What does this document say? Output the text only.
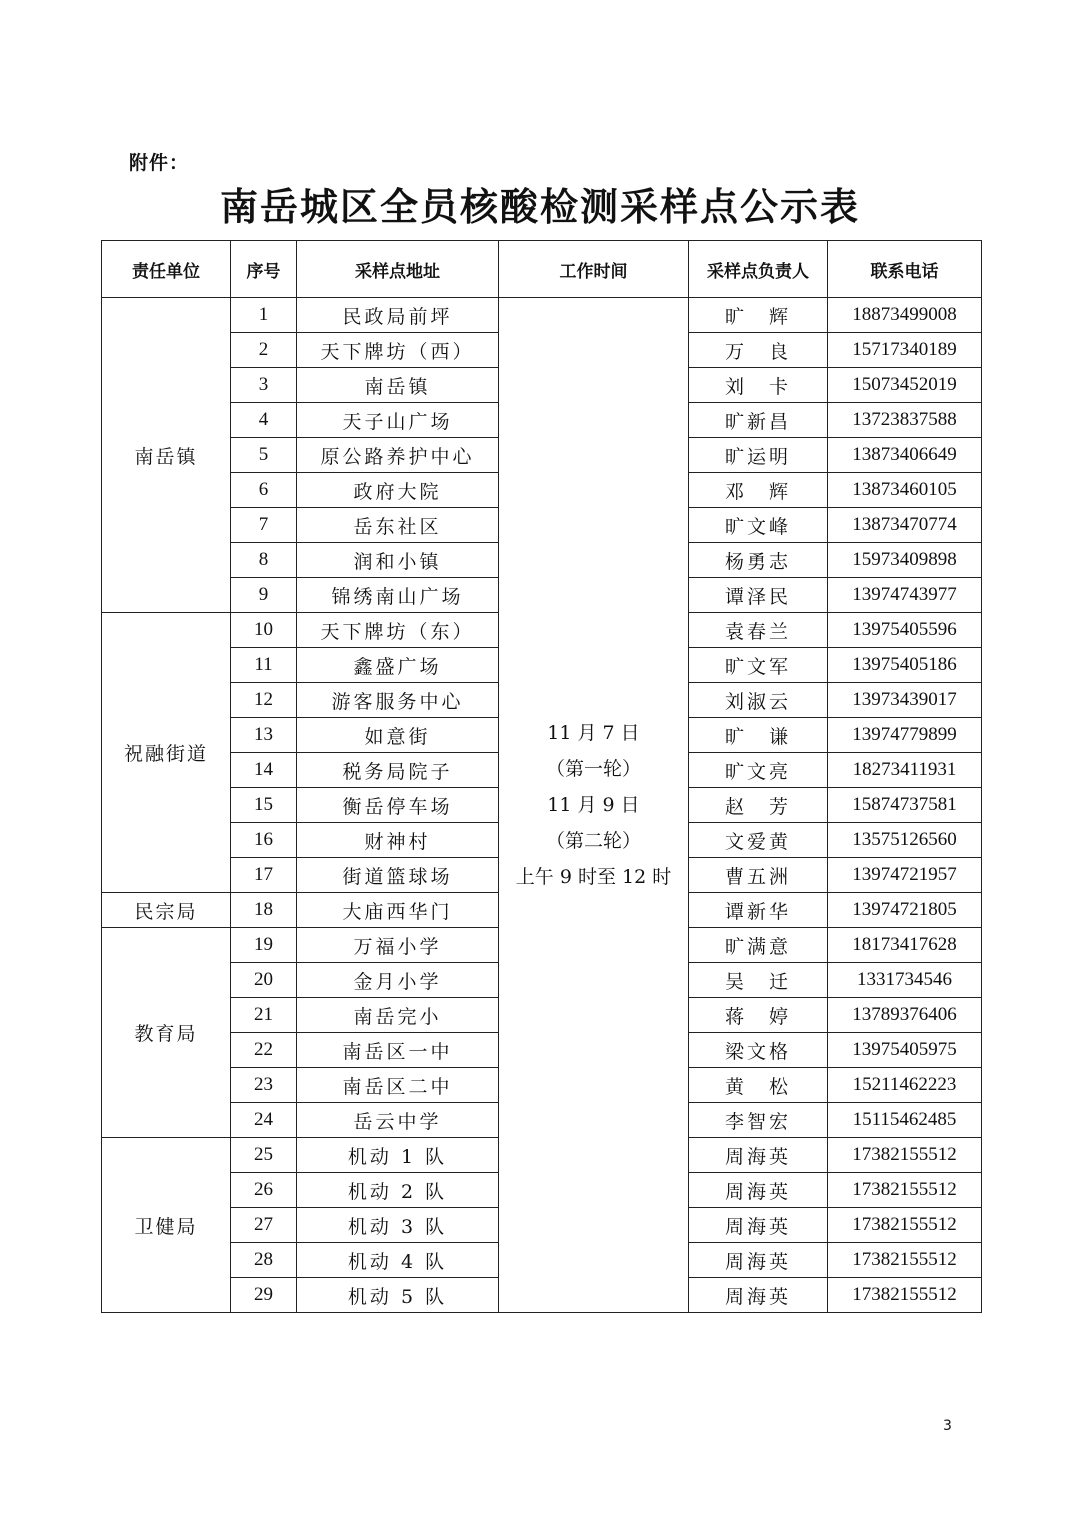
附件：
南岳城区全员核酸检测采样点公示表
责任单位	序号	采样点地址	工作时间	采样点负责人	联系电话
南岳镇	1	民政局前坪	11 月 7 日
（第一轮）
11 月 9 日
（第二轮）
上午 9 时至 12 时	旷　辉	18873499008
	2	天下牌坊（西）		万　良	15717340189
	3	南岳镇		刘　卡	15073452019
	4	天子山广场		旷新昌	13723837588
	5	原公路养护中心		旷运明	13873406649
	6	政府大院		邓　辉	13873460105
	7	岳东社区		旷文峰	13873470774
	8	润和小镇		杨勇志	15973409898
	9	锦绣南山广场		谭泽民	13974743977
祝融街道	10	天下牌坊（东）		袁春兰	13975405596
	11	鑫盛广场		旷文军	13975405186
	12	游客服务中心		刘淑云	13973439017
	13	如意街		旷　谦	13974779899
	14	税务局院子		旷文亮	18273411931
	15	衡岳停车场		赵　芳	15874737581
	16	财神村		文爱黄	13575126560
	17	街道篮球场		曹五洲	13974721957
民宗局	18	大庙西华门		谭新华	13974721805
教育局	19	万福小学		旷满意	18173417628
	20	金月小学		吴　迁	1331734546
	21	南岳完小		蒋　婷	13789376406
	22	南岳区一中		梁文格	13975405975
	23	南岳区二中		黄　松	15211462223
	24	岳云中学		李智宏	15115462485
卫健局	25	机动 1 队		周海英	17382155512
	26	机动 2 队		周海英	17382155512
	27	机动 3 队		周海英	17382155512
	28	机动 4 队		周海英	17382155512
	29	机动 5 队		周海英	17382155512
3
